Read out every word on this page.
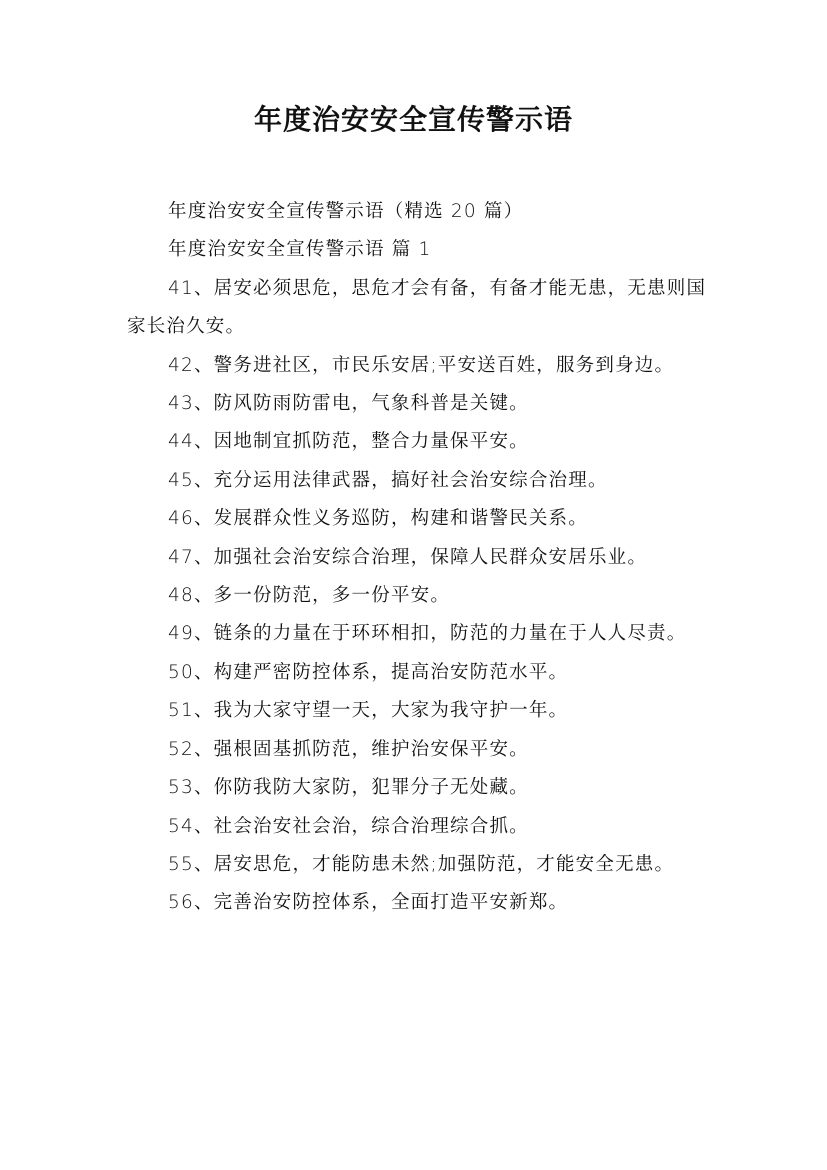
年度治安安全宣传警示语

年度治安安全宣传警示语（精选 20 篇）

年度治安安全宣传警示语 篇 1

41、居安必须思危，思危才会有备，有备才能无患，无患则国家长治久安。

42、警务进社区，市民乐安居;平安送百姓，服务到身边。

43、防风防雨防雷电，气象科普是关键。

44、因地制宜抓防范，整合力量保平安。

45、充分运用法律武器，搞好社会治安综合治理。

46、发展群众性义务巡防，构建和谐警民关系。

47、加强社会治安综合治理，保障人民群众安居乐业。

48、多一份防范，多一份平安。

49、链条的力量在于环环相扣，防范的力量在于人人尽责。

50、构建严密防控体系，提高治安防范水平。

51、我为大家守望一天，大家为我守护一年。

52、强根固基抓防范，维护治安保平安。

53、你防我防大家防，犯罪分子无处藏。

54、社会治安社会治，综合治理综合抓。

55、居安思危，才能防患未然;加强防范，才能安全无患。

56、完善治安防控体系，全面打造平安新郑。
